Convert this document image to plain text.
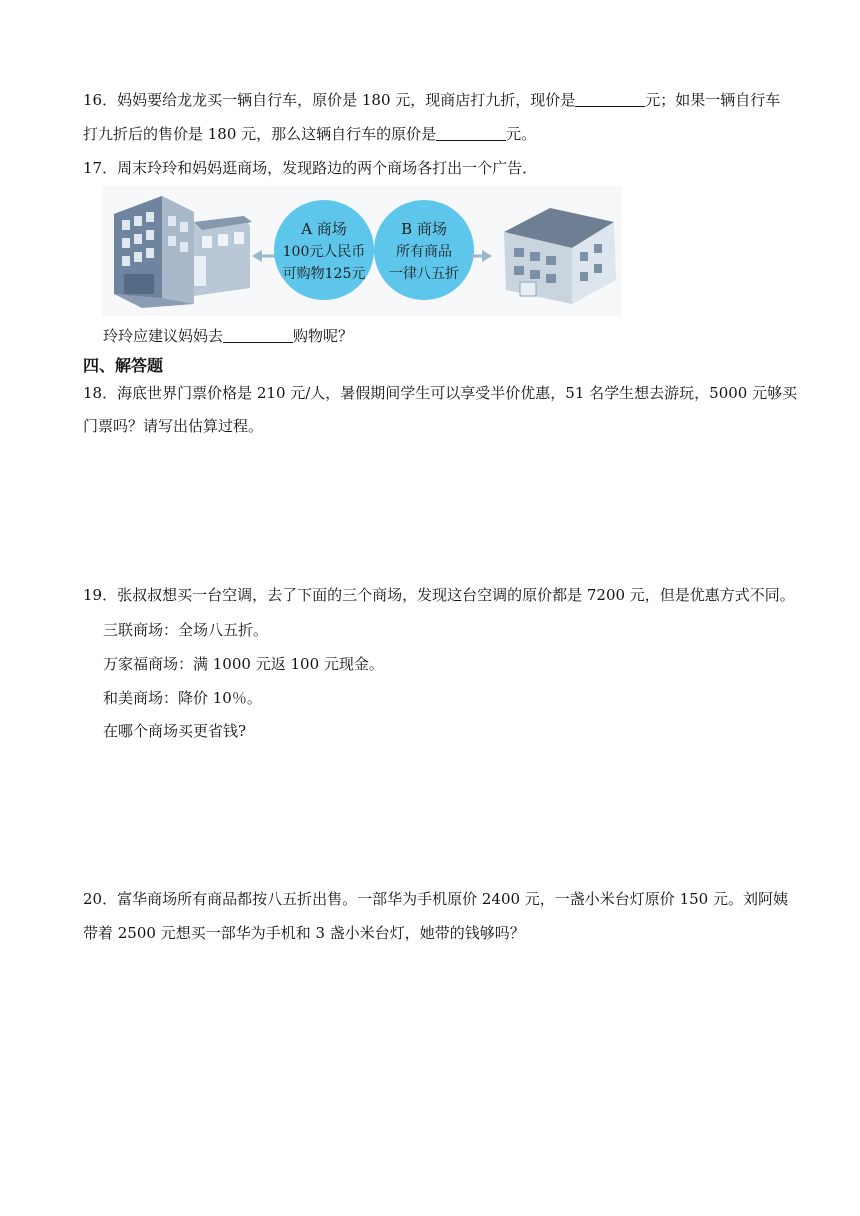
16．妈妈要给龙龙买一辆自行车，原价是 180 元，现商店打九折，现价是	元；如果一辆自行车
打九折后的售价是 180 元，那么这辆自行车的原价是	元。
17．周末玲玲和妈妈逛商场，发现路边的两个商场各打出一个广告．
A 商场
100元人民币
可购物125元
B 商场
所有商品
一律八五折
玲玲应建议妈妈去	购物呢？
四、解答题
18．海底世界门票价格是 210 元/人，暑假期间学生可以享受半价优惠，51 名学生想去游玩，5000 元够买
门票吗？请写出估算过程。
19．张叔叔想买一台空调，去了下面的三个商场，发现这台空调的原价都是 7200 元，但是优惠方式不同。
三联商场：全场八五折。
万家福商场：满 1000 元返 100 元现金。
和美商场：降价 10％。
在哪个商场买更省钱?
20．富华商场所有商品都按八五折出售。一部华为手机原价 2400 元，一盏小米台灯原价 150 元。刘阿姨
带着 2500 元想买一部华为手机和 3 盏小米台灯，她带的钱够吗？
